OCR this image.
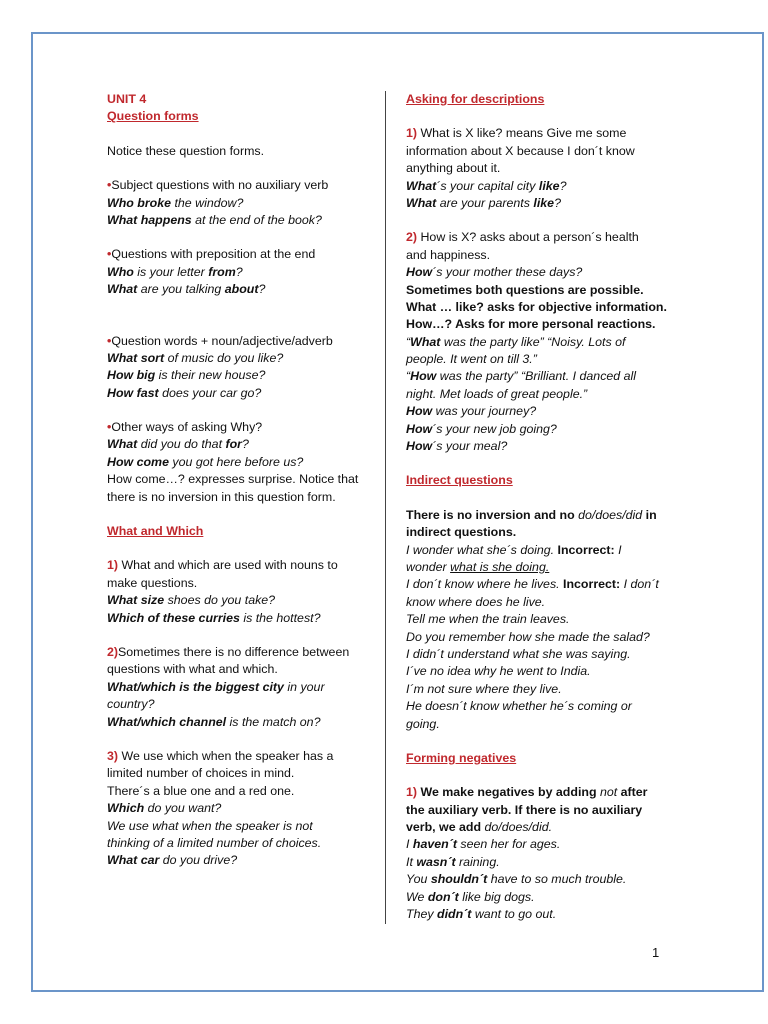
UNIT 4
Question forms
Notice these question forms.
•Subject questions with no auxiliary verb
Who broke the window?
What happens at the end of the book?
•Questions with preposition at the end
Who is your letter from?
What are you talking about?
•Question words + noun/adjective/adverb
What sort of music do you like?
How big is their new house?
How fast does your car go?
•Other ways of asking Why?
What did you do that for?
How come you got here before us?
How come…? expresses surprise. Notice that
there is no inversion in this question form.
What and Which
1) What and which are used with nouns to
make questions.
What size shoes do you take?
Which of these curries is the hottest?
2)Sometimes there is no difference between
questions with what and which.
What/which is the biggest city in your
country?
What/which channel is the match on?
3) We use which when the speaker has a
limited number of choices in mind.
There´s a blue one and a red one.
Which do you want?
We use what when the speaker is not
thinking of a limited number of choices.
What car do you drive?
Asking for descriptions
1) What is X like? means Give me some
information about X because I don´t know
anything about it.
What´s your capital city like?
What are your parents like?
2) How is X? asks about a person´s health
and happiness.
How´s your mother these days?
Sometimes both questions are possible.
What … like? asks for objective information.
How…? Asks for more personal reactions.
“What was the party like” “Noisy. Lots of
people. It went on till 3.”
“How was the party” “Brilliant. I danced all
night. Met loads of great people.”
How was your journey?
How´s your new job going?
How´s your meal?
Indirect questions
There is no inversion and no do/does/did in
indirect questions.
I wonder what she´s doing. Incorrect: I
wonder what is she doing.
I don´t know where he lives. Incorrect: I don´t
know where does he live.
Tell me when the train leaves.
Do you remember how she made the salad?
I didn´t understand what she was saying.
I´ve no idea why he went to India.
I´m not sure where they live.
He doesn´t know whether he´s coming or
going.
Forming negatives
1) We make negatives by adding not after
the auxiliary verb. If there is no auxiliary
verb, we add do/does/did.
I haven´t seen her for ages.
It wasn´t raining.
You shouldn´t have to so much trouble.
We don´t like big dogs.
They didn´t want to go out.
1
